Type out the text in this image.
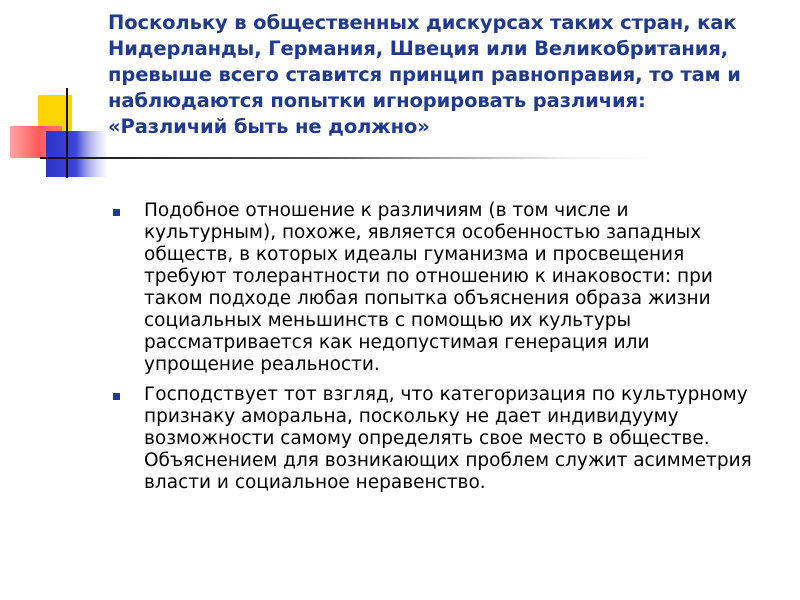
Поскольку в общественных дискурсах таких стран, как
Нидерланды, Германия, Швеция или Великобритания,
превыше всего ставится принцип равноправия, то там и
наблюдаются попытки игнорировать различия:
«Различий быть не должно»
Подобное отношение к различиям (в том числе и
культурным), похоже, является особенностью западных
обществ, в которых идеалы гуманизма и просвещения
требуют толерантности по отношению к инаковости: при
таком подходе любая попытка объяснения образа жизни
социальных меньшинств с помощью их культуры
рассматривается как недопустимая генерация или
упрощение реальности.
Господствует тот взгляд, что категоризация по культурному
признаку аморальна, поскольку не дает индивидууму
возможности самому определять свое место в обществе.
Объяснением для возникающих проблем служит асимметрия
власти и социальное неравенство.
